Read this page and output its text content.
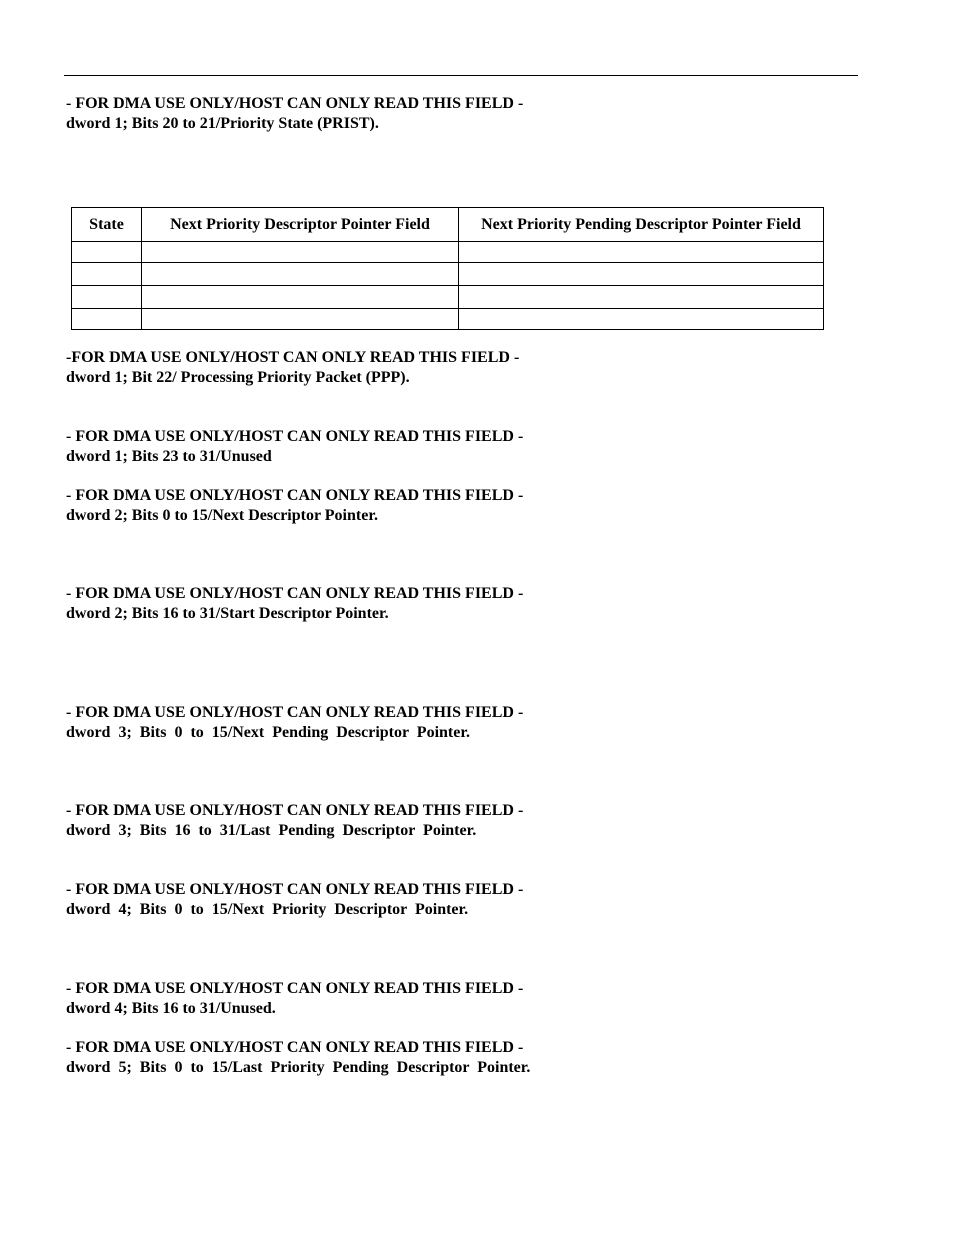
- FOR DMA USE ONLY/HOST CAN ONLY READ THIS FIELD -
dword 1; Bits 20 to 21/Priority State (PRIST).
State	Next Priority Descriptor Pointer Field	Next Priority Pending Descriptor Pointer Field

-FOR DMA USE ONLY/HOST CAN ONLY READ THIS FIELD -
dword 1; Bit 22/ Processing Priority Packet (PPP).
- FOR DMA USE ONLY/HOST CAN ONLY READ THIS FIELD -
dword 1; Bits 23 to 31/Unused
- FOR DMA USE ONLY/HOST CAN ONLY READ THIS FIELD -
dword 2; Bits 0 to 15/Next Descriptor Pointer.
- FOR DMA USE ONLY/HOST CAN ONLY READ THIS FIELD -
dword 2; Bits 16 to 31/Start Descriptor Pointer.
- FOR DMA USE ONLY/HOST CAN ONLY READ THIS FIELD -
dword 3; Bits 0 to 15/Next Pending Descriptor Pointer.
- FOR DMA USE ONLY/HOST CAN ONLY READ THIS FIELD -
dword 3; Bits 16 to 31/Last Pending Descriptor Pointer.
- FOR DMA USE ONLY/HOST CAN ONLY READ THIS FIELD -
dword 4; Bits 0 to 15/Next Priority Descriptor Pointer.
- FOR DMA USE ONLY/HOST CAN ONLY READ THIS FIELD -
dword 4; Bits 16 to 31/Unused.
- FOR DMA USE ONLY/HOST CAN ONLY READ THIS FIELD -
dword 5; Bits 0 to 15/Last Priority Pending Descriptor Pointer.
